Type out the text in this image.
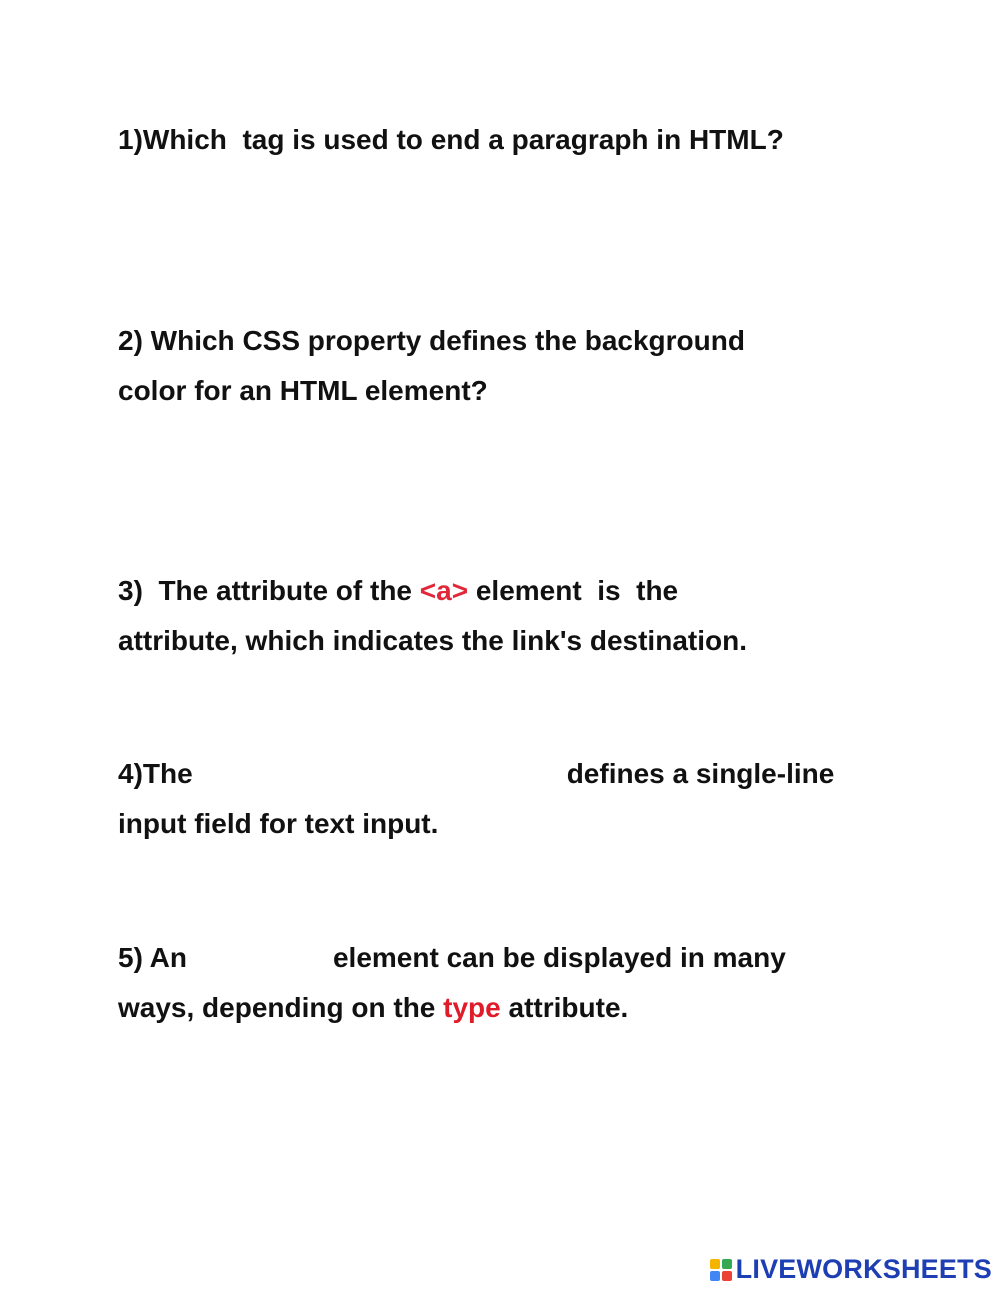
1)Which  tag is used to end a paragraph in HTML?

2) Which CSS property defines the background
color for an HTML element?

3)  The attribute of the <a> element  is  the
attribute, which indicates the link's destination.

4)The	defines a single-line
input field for text input.

5) An	element can be displayed in many
ways, depending on the type attribute.

LIVEWORKSHEETS
